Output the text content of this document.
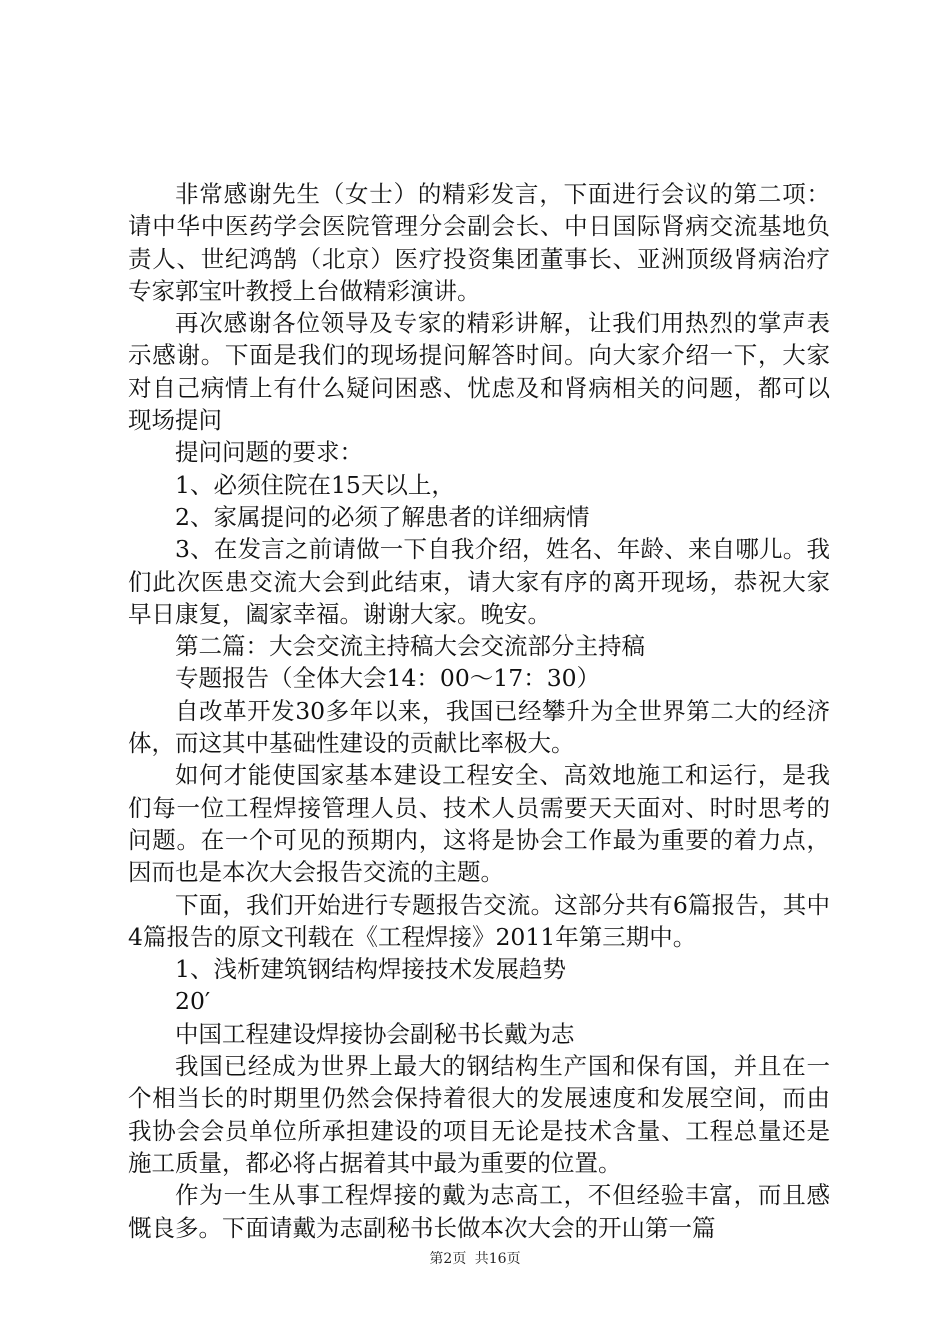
非常感谢先生（女士）的精彩发言，下面进行会议的第二项：请中华中医药学会医院管理分会副会长、中日国际肾病交流基地负责人、世纪鸿鹄（北京）医疗投资集团董事长、亚洲顶级肾病治疗专家郭宝叶教授上台做精彩演讲。

再次感谢各位领导及专家的精彩讲解，让我们用热烈的掌声表示感谢。下面是我们的现场提问解答时间。向大家介绍一下，大家对自己病情上有什么疑问困惑、忧虑及和肾病相关的问题，都可以现场提问

提问问题的要求：

1、必须住院在15天以上，

2、家属提问的必须了解患者的详细病情

3、在发言之前请做一下自我介绍，姓名、年龄、来自哪儿。我们此次医患交流大会到此结束，请大家有序的离开现场，恭祝大家早日康复，阖家幸福。谢谢大家。晚安。

第二篇：大会交流主持稿大会交流部分主持稿

专题报告（全体大会14：00～17：30）

自改革开发30多年以来，我国已经攀升为全世界第二大的经济体，而这其中基础性建设的贡献比率极大。

如何才能使国家基本建设工程安全、高效地施工和运行，是我们每一位工程焊接管理人员、技术人员需要天天面对、时时思考的问题。在一个可见的预期内，这将是协会工作最为重要的着力点，因而也是本次大会报告交流的主题。

下面，我们开始进行专题报告交流。这部分共有6篇报告，其中4篇报告的原文刊载在《工程焊接》2011年第三期中。

1、浅析建筑钢结构焊接技术发展趋势

20′

中国工程建设焊接协会副秘书长戴为志

我国已经成为世界上最大的钢结构生产国和保有国，并且在一个相当长的时期里仍然会保持着很大的发展速度和发展空间，而由我协会会员单位所承担建设的项目无论是技术含量、工程总量还是施工质量，都必将占据着其中最为重要的位置。

作为一生从事工程焊接的戴为志高工，不但经验丰富，而且感慨良多。下面请戴为志副秘书长做本次大会的开山第一篇

第2页 共16页
